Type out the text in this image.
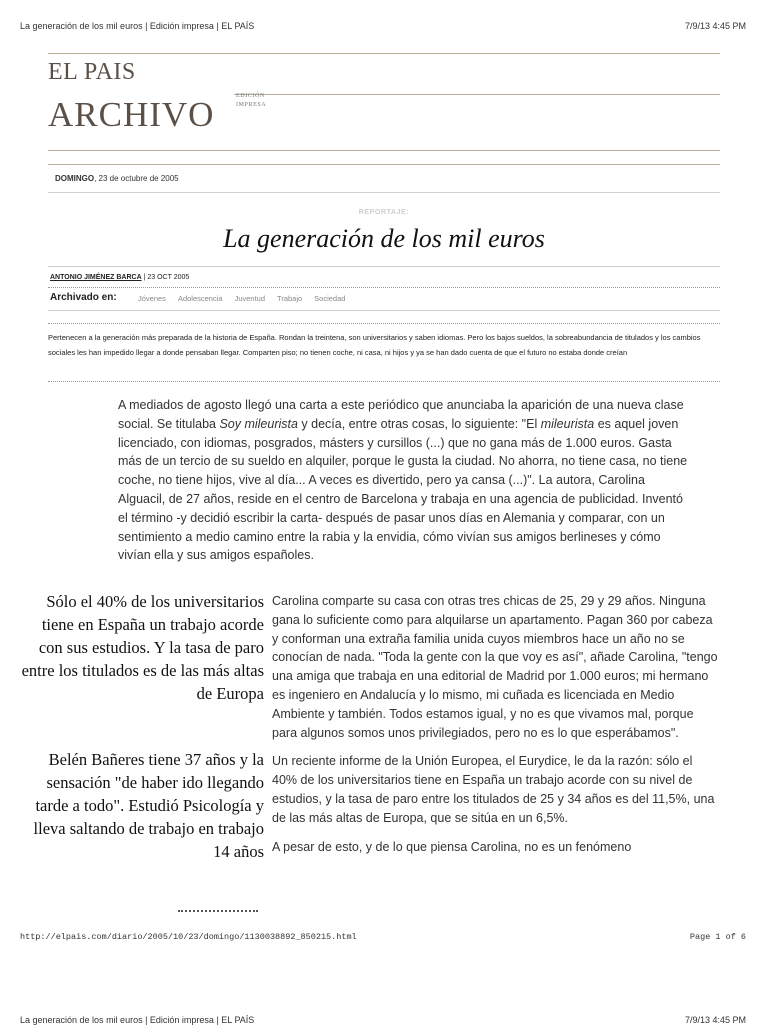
La generación de los mil euros | Edición impresa | EL PAÍS	7/9/13 4:45 PM
EL PAIS
ARCHIVO	EDICIÓN
IMPRESA
DOMINGO, 23 de octubre de 2005
REPORTAJE:
La generación de los mil euros
ANTONIO JIMÉNEZ BARCA | 23 OCT 2005
Archivado en:	Jóvenes Adolescencia Juventud Trabajo Sociedad
Pertenecen a la generación más preparada de la historia de España. Rondan la treintena, son universitarios y saben idiomas. Pero los bajos sueldos, la sobreabundancia de titulados y los cambios sociales les han impedido llegar a donde pensaban llegar. Comparten piso; no tienen coche, ni casa, ni hijos y ya se han dado cuenta de que el futuro no estaba donde creían
A mediados de agosto llegó una carta a este periódico que anunciaba la aparición de una nueva clase social. Se titulaba Soy mileurista y decía, entre otras cosas, lo siguiente: "El mileurista es aquel joven licenciado, con idiomas, posgrados, másters y cursillos (...) que no gana más de 1.000 euros. Gasta más de un tercio de su sueldo en alquiler, porque le gusta la ciudad. No ahorra, no tiene casa, no tiene coche, no tiene hijos, vive al día... A veces es divertido, pero ya cansa (...)". La autora, Carolina Alguacil, de 27 años, reside en el centro de Barcelona y trabaja en una agencia de publicidad. Inventó el término -y decidió escribir la carta- después de pasar unos días en Alemania y comparar, con un sentimiento a medio camino entre la rabia y la envidia, cómo vivían sus amigos berlineses y cómo vivían ella y sus amigos españoles.
Sólo el 40% de los universitarios tiene en España un trabajo acorde con sus estudios. Y la tasa de paro entre los titulados es de las más altas de Europa
Belén Bañeres tiene 37 años y la sensación "de haber ido llegando tarde a todo". Estudió Psicología y lleva saltando de trabajo en trabajo 14 años

Carolina comparte su casa con otras tres chicas de 25, 29 y 29 años. Ninguna gana lo suficiente como para alquilarse un apartamento. Pagan 360 por cabeza y conforman una extraña familia unida cuyos miembros hace un año no se conocían de nada. "Toda la gente con la que voy es así", añade Carolina, "tengo una amiga que trabaja en una editorial de Madrid por 1.000 euros; mi hermano es ingeniero en Andalucía y lo mismo, mi cuñada es licenciada en Medio Ambiente y también. Todos estamos igual, y no es que vivamos mal, porque para algunos somos unos privilegiados, pero no es lo que esperábamos".

Un reciente informe de la Unión Europea, el Eurydice, le da la razón: sólo el 40% de los universitarios tiene en España un trabajo acorde con su nivel de estudios, y la tasa de paro entre los titulados de 25 y 34 años es del 11,5%, una de las más altas de Europa, que se sitúa en un 6,5%.

A pesar de esto, y de lo que piensa Carolina, no es un fenómeno

http://elpais.com/diario/2005/10/23/domingo/1130038892_850215.html	Page 1 of 6
La generación de los mil euros | Edición impresa | EL PAÍS	7/9/13 4:45 PM
